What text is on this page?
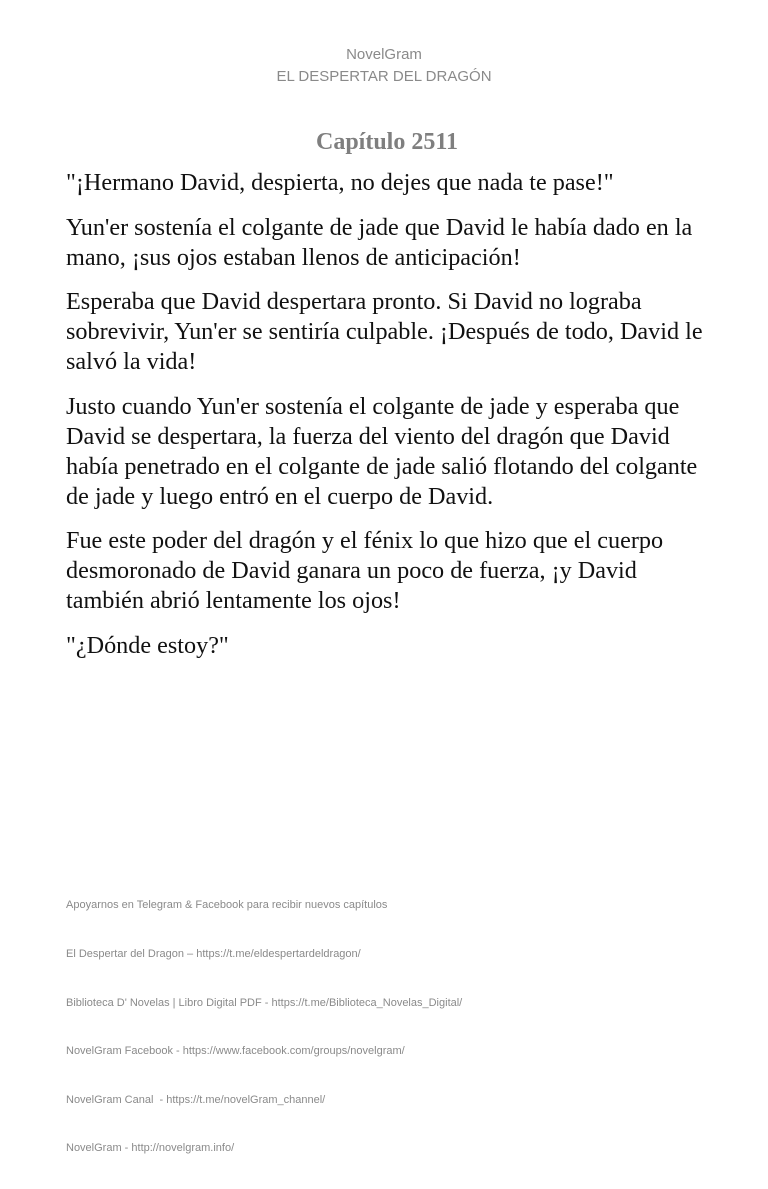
NovelGram
EL DESPERTAR DEL DRAGÓN
Capítulo 2511

"¡Hermano David, despierta, no dejes que nada te pase!"

Yun'er sostenía el colgante de jade que David le había dado en la mano, ¡sus ojos estaban llenos de anticipación!

Esperaba que David despertara pronto. Si David no lograba sobrevivir, Yun'er se sentiría culpable. ¡Después de todo, David le salvó la vida!

Justo cuando Yun'er sostenía el colgante de jade y esperaba que David se despertara, la fuerza del viento del dragón que David había penetrado en el colgante de jade salió flotando del colgante de jade y luego entró en el cuerpo de David.

Fue este poder del dragón y el fénix lo que hizo que el cuerpo desmoronado de David ganara un poco de fuerza, ¡y David también abrió lentamente los ojos!

"¿Dónde estoy?"

Apoyarnos en Telegram & Facebook para recibir nuevos capítulos

El Despertar del Dragon – https://t.me/eldespertardeldragon/

Biblioteca D' Novelas | Libro Digital PDF - https://t.me/Biblioteca_Novelas_Digital/

NovelGram Facebook - https://www.facebook.com/groups/novelgram/

NovelGram Canal  - https://t.me/novelGram_channel/

NovelGram - http://novelgram.info/
